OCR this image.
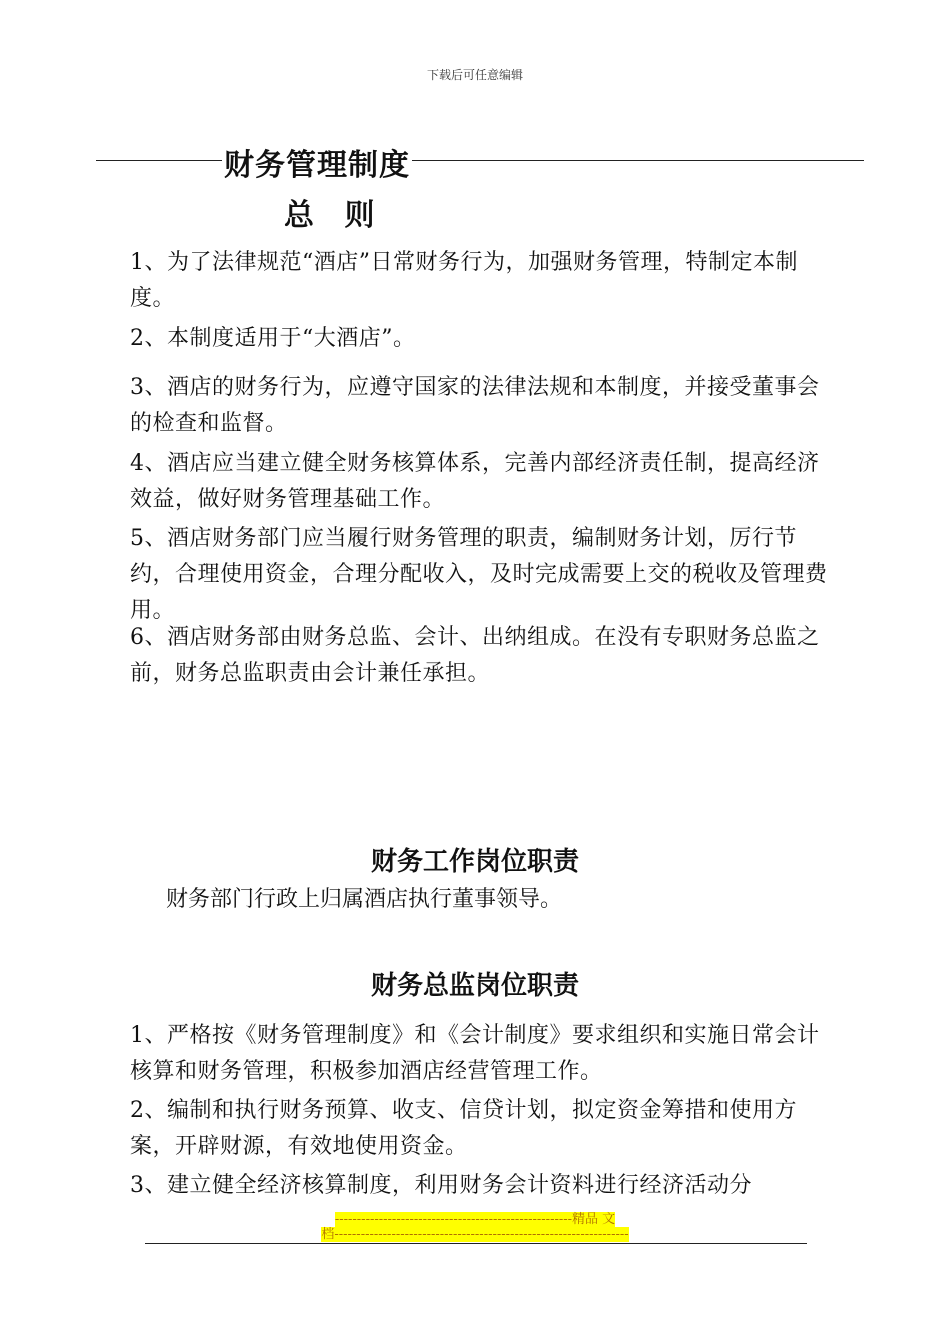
下载后可任意编辑
财务管理制度
总 则

1、为了法律规范“酒店”日常财务行为，加强财务管理，特制定本制度。

2、本制度适用于“大酒店”。

3、酒店的财务行为，应遵守国家的法律法规和本制度，并接受董事会的检查和监督。

4、酒店应当建立健全财务核算体系，完善内部经济责任制，提高经济效益，做好财务管理基础工作。

5、酒店财务部门应当履行财务管理的职责，编制财务计划，厉行节约，合理使用资金，合理分配收入，及时完成需要上交的税收及管理费用。

6、酒店财务部由财务总监、会计、出纳组成。在没有专职财务总监之前，财务总监职责由会计兼任承担。

财务工作岗位职责

财务部门行政上归属酒店执行董事领导。

财务总监岗位职责

1、严格按《财务管理制度》和《会计制度》要求组织和实施日常会计核算和财务管理，积极参加酒店经营管理工作。

2、编制和执行财务预算、收支、信贷计划，拟定资金筹措和使用方案，开辟财源，有效地使用资金。

3、建立健全经济核算制度，利用财务会计资料进行经济活动分

------------------------------------------------------精品 文
档-------------------------------------------------------------------
